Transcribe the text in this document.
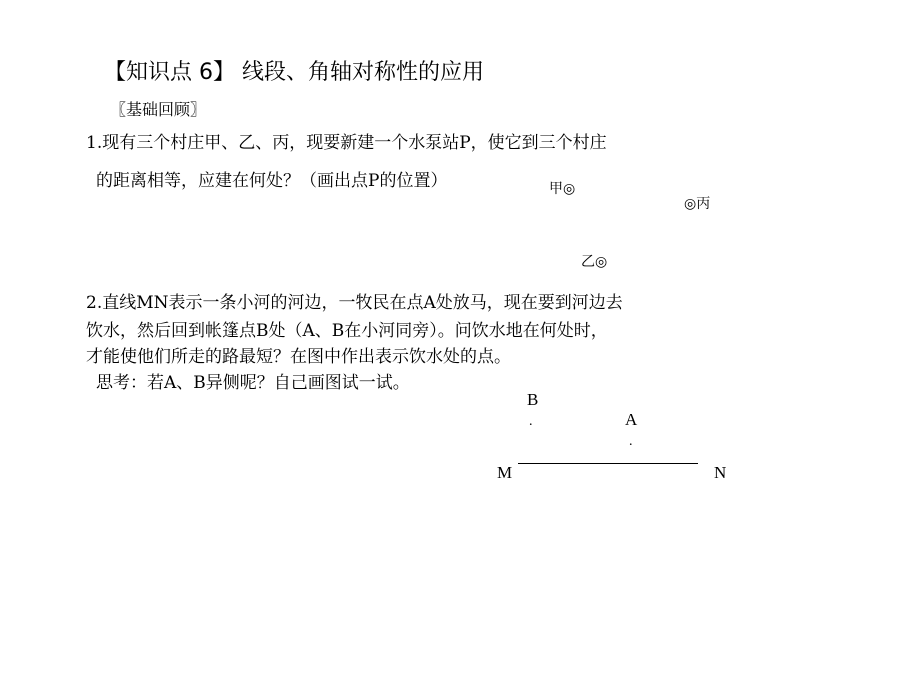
【知识点 6】 线段、角轴对称性的应用
〖基础回顾〗
1.现有三个村庄甲、乙、丙，现要新建一个水泵站P，使它到三个村庄
的距离相等，应建在何处？（画出点P的位置）	甲◎
◎丙
乙◎
2.直线MN表示一条小河的河边，一牧民在点A处放马，现在要到河边去
饮水，然后回到帐篷点B处（A、B在小河同旁）。问饮水地在何处时，
才能使他们所走的路最短？在图中作出表示饮水处的点。
思考：若A、B异侧呢？自己画图试一试。
B
.	A
.
M	N
